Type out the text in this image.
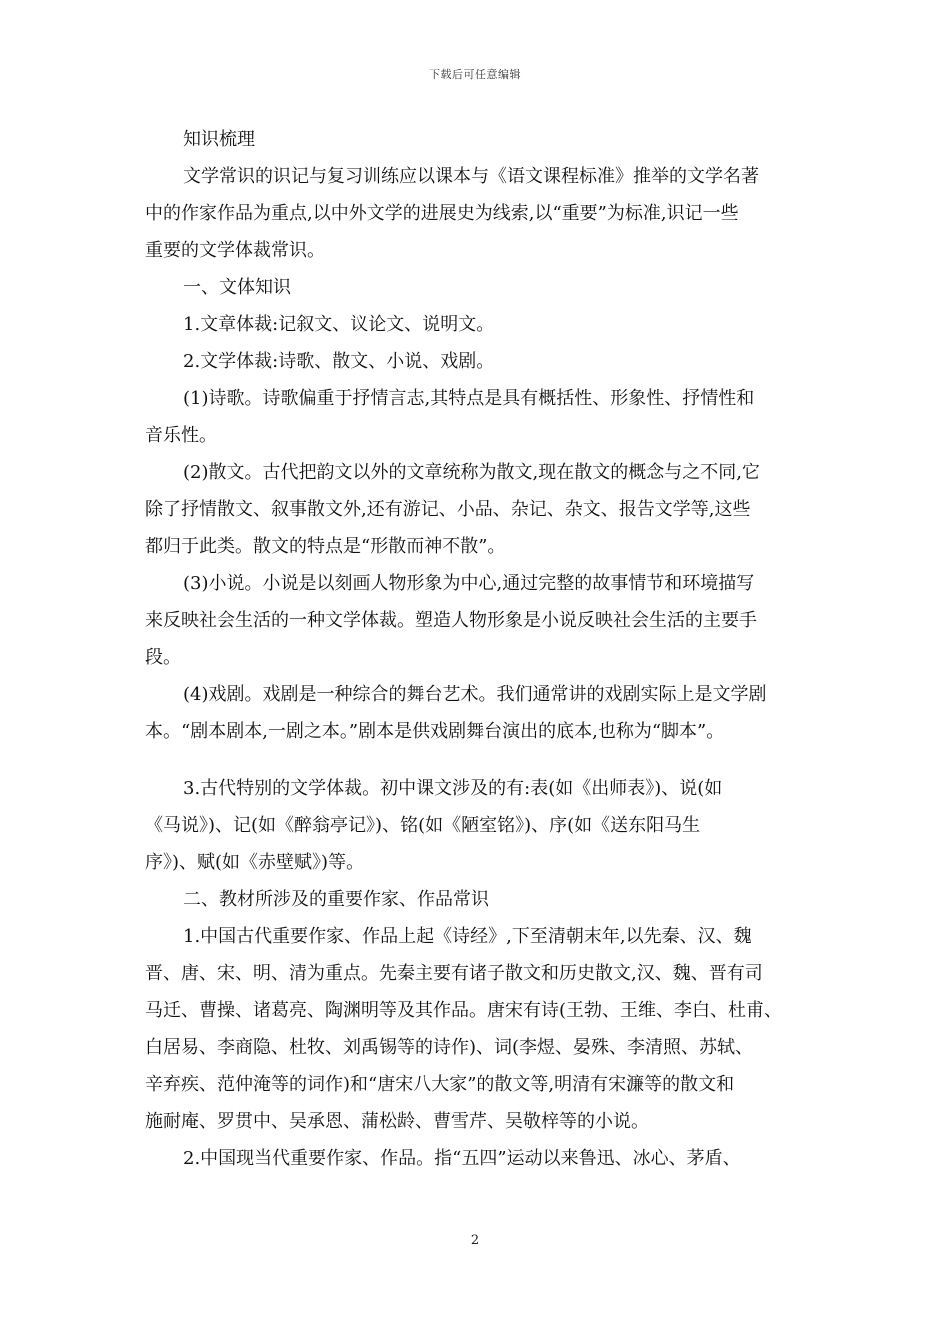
下载后可任意编辑
知识梳理
文学常识的识记与复习训练应以课本与《语文课程标准》推举的文学名著
中的作家作品为重点,以中外文学的进展史为线索,以“重要”为标准,识记一些
重要的文学体裁常识。
一、文体知识
1.文章体裁:记叙文、议论文、说明文。
2.文学体裁:诗歌、散文、小说、戏剧。
(1)诗歌。诗歌偏重于抒情言志,其特点是具有概括性、形象性、抒情性和
音乐性。
(2)散文。古代把韵文以外的文章统称为散文,现在散文的概念与之不同,它
除了抒情散文、叙事散文外,还有游记、小品、杂记、杂文、报告文学等,这些
都归于此类。散文的特点是“形散而神不散”。
(3)小说。小说是以刻画人物形象为中心,通过完整的故事情节和环境描写
来反映社会生活的一种文学体裁。塑造人物形象是小说反映社会生活的主要手
段。
(4)戏剧。戏剧是一种综合的舞台艺术。我们通常讲的戏剧实际上是文学剧
本。“剧本剧本,一剧之本。”剧本是供戏剧舞台演出的底本,也称为“脚本”。
3.古代特别的文学体裁。初中课文涉及的有:表(如《出师表》)、说(如
《马说》)、记(如《醉翁亭记》)、铭(如《陋室铭》)、序(如《送东阳马生
序》)、赋(如《赤壁赋》)等。
二、教材所涉及的重要作家、作品常识
1.中国古代重要作家、作品上起《诗经》,下至清朝末年,以先秦、汉、魏
晋、唐、宋、明、清为重点。先秦主要有诸子散文和历史散文,汉、魏、晋有司
马迁、曹操、诸葛亮、陶渊明等及其作品。唐宋有诗(王勃、王维、李白、杜甫、
白居易、李商隐、杜牧、刘禹锡等的诗作)、词(李煜、晏殊、李清照、苏轼、
辛弃疾、范仲淹等的词作)和“唐宋八大家”的散文等,明清有宋濂等的散文和
施耐庵、罗贯中、吴承恩、蒲松龄、曹雪芹、吴敬梓等的小说。
2.中国现当代重要作家、作品。指“五四”运动以来鲁迅、冰心、茅盾、
2
